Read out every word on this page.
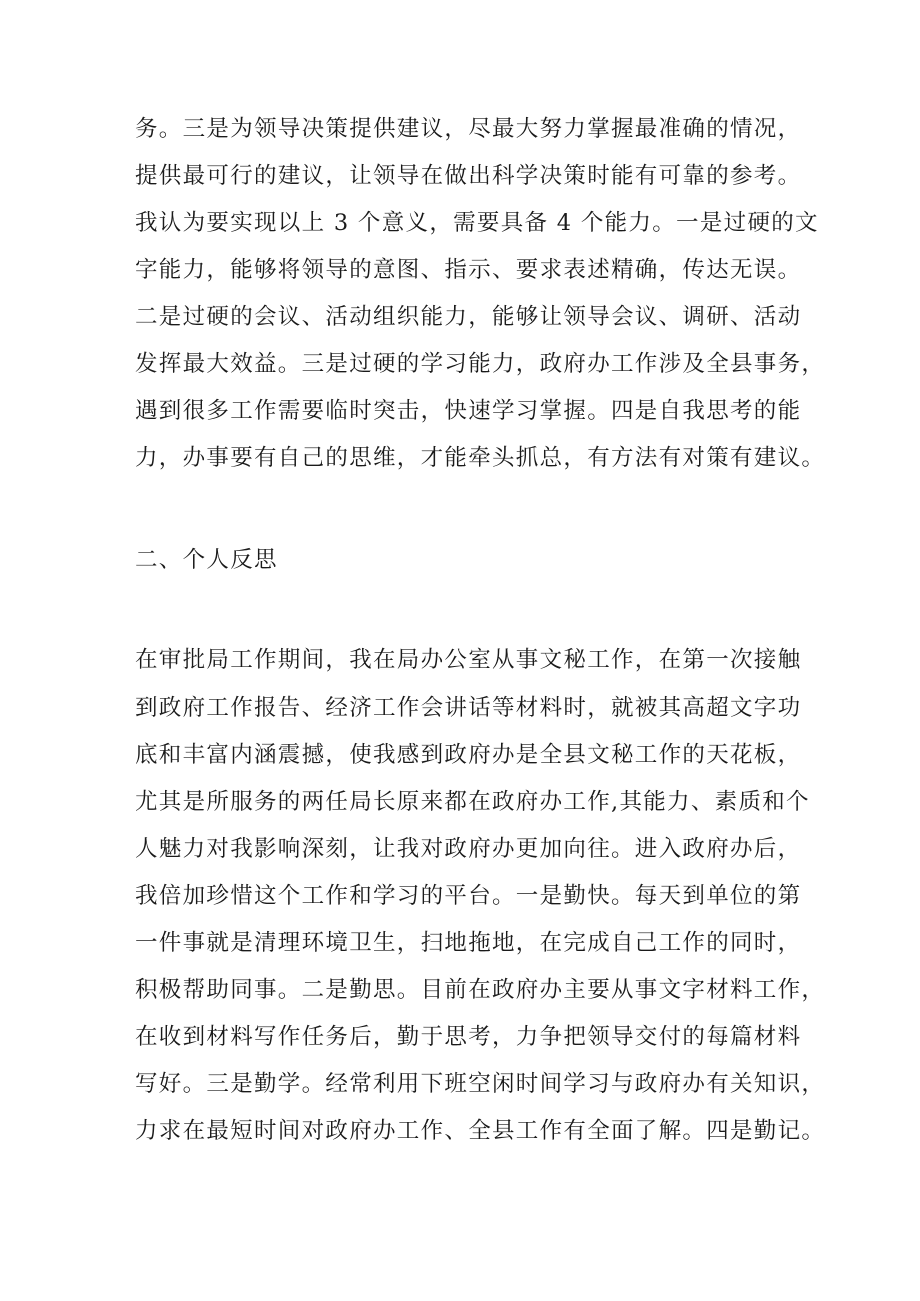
务。三是为领导决策提供建议，尽最大努力掌握最准确的情况，
提供最可行的建议，让领导在做出科学决策时能有可靠的参考。
我认为要实现以上 3 个意义，需要具备 4 个能力。一是过硬的文
字能力，能够将领导的意图、指示、要求表述精确，传达无误。
二是过硬的会议、活动组织能力，能够让领导会议、调研、活动
发挥最大效益。三是过硬的学习能力，政府办工作涉及全县事务，
遇到很多工作需要临时突击，快速学习掌握。四是自我思考的能
力，办事要有自己的思维，才能牵头抓总，有方法有对策有建议。
二、个人反思
在审批局工作期间，我在局办公室从事文秘工作，在第一次接触
到政府工作报告、经济工作会讲话等材料时，就被其高超文字功
底和丰富内涵震撼，使我感到政府办是全县文秘工作的天花板，
尤其是所服务的两任局长原来都在政府办工作,其能力、素质和个
人魅力对我影响深刻，让我对政府办更加向往。进入政府办后，
我倍加珍惜这个工作和学习的平台。一是勤快。每天到单位的第
一件事就是清理环境卫生，扫地拖地，在完成自己工作的同时，
积极帮助同事。二是勤思。目前在政府办主要从事文字材料工作，
在收到材料写作任务后，勤于思考，力争把领导交付的每篇材料
写好。三是勤学。经常利用下班空闲时间学习与政府办有关知识，
力求在最短时间对政府办工作、全县工作有全面了解。四是勤记。
